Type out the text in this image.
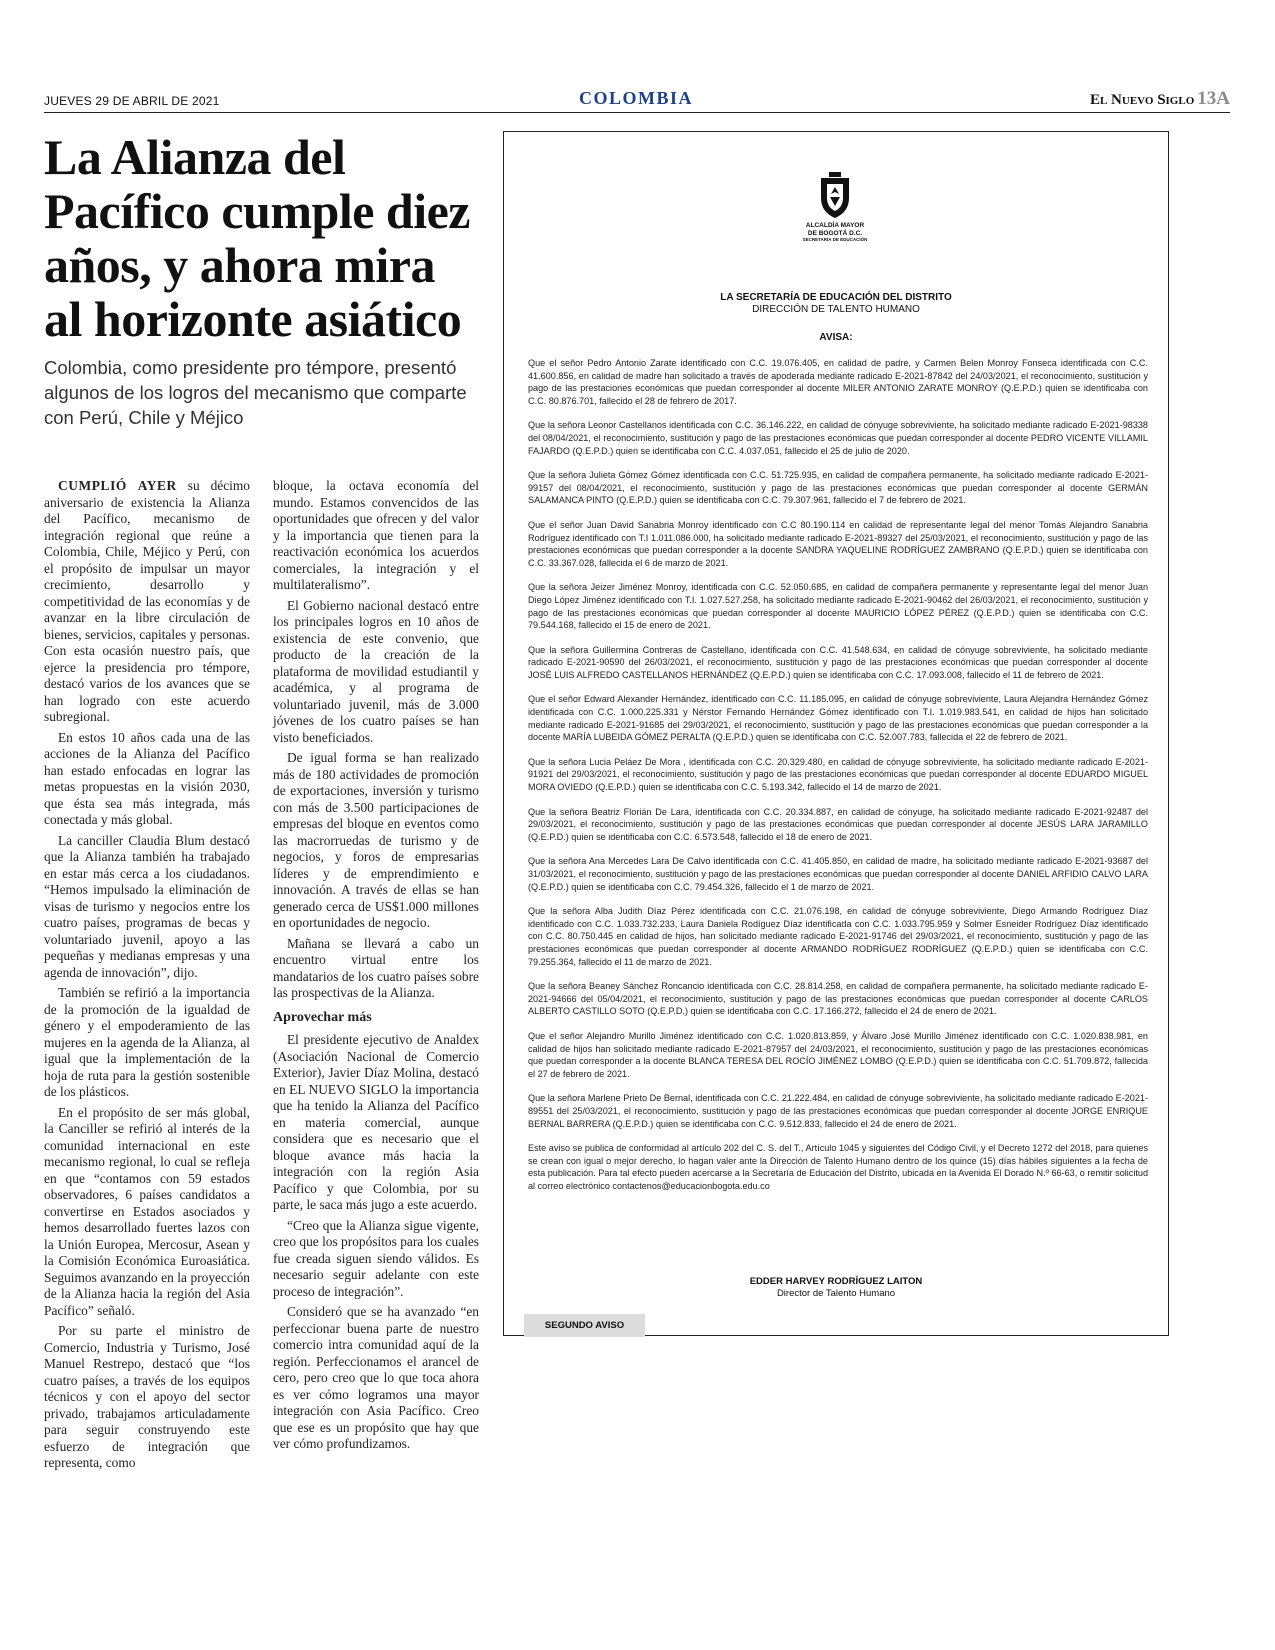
JUEVES 29 DE ABRIL DE 2021	COLOMBIA	El Nuevo Siglo 13A
La Alianza del Pacífico cumple diez años, y ahora mira al horizonte asiático

Colombia, como presidente pro témpore, presentó algunos de los logros del mecanismo que comparte con Perú, Chile y Méjico

CUMPLIÓ AYER su décimo aniversario de existencia la Alianza del Pacífico, mecanismo de integración regional que reúne a Colombia, Chile, Méjico y Perú, con el propósito de impulsar un mayor crecimiento, desarrollo y competitividad de las economías y de avanzar en la libre circulación de bienes, servicios, capitales y personas. Con esta ocasión nuestro país, que ejerce la presidencia pro témpore, destacó varios de los avances que se han logrado con este acuerdo subregional.

En estos 10 años cada una de las acciones de la Alianza del Pacífico han estado enfocadas en lograr las metas propuestas en la visión 2030, que ésta sea más integrada, más conectada y más global.

La canciller Claudia Blum destacó que la Alianza también ha trabajado en estar más cerca a los ciudadanos. “Hemos impulsado la eliminación de visas de turismo y negocios entre los cuatro países, programas de becas y voluntariado juvenil, apoyo a las pequeñas y medianas empresas y una agenda de innovación”, dijo.

También se refirió a la importancia de la promoción de la igualdad de género y el empoderamiento de las mujeres en la agenda de la Alianza, al igual que la implementación de la hoja de ruta para la gestión sostenible de los plásticos.

En el propósito de ser más global, la Canciller se refirió al interés de la comunidad internacional en este mecanismo regional, lo cual se refleja en que “contamos con 59 estados observadores, 6 países candidatos a convertirse en Estados asociados y hemos desarrollado fuertes lazos con la Unión Europea, Mercosur, Asean y la Comisión Económica Euroasiática. Seguimos avanzando en la proyección de la Alianza hacia la región del Asia Pacífico” señaló.

Por su parte el ministro de Comercio, Industria y Turismo, José Manuel Restrepo, destacó que “los cuatro países, a través de los equipos técnicos y con el apoyo del sector privado, trabajamos articuladamente para seguir construyendo este esfuerzo de integración que representa, como

bloque, la octava economía del mundo. Estamos convencidos de las oportunidades que ofrecen y del valor y la importancia que tienen para la reactivación económica los acuerdos comerciales, la integración y el multilateralismo”.

El Gobierno nacional destacó entre los principales logros en 10 años de existencia de este convenio, que producto de la creación de la plataforma de movilidad estudiantil y académica, y al programa de voluntariado juvenil, más de 3.000 jóvenes de los cuatro países se han visto beneficiados.

De igual forma se han realizado más de 180 actividades de promoción de exportaciones, inversión y turismo con más de 3.500 participaciones de empresas del bloque en eventos como las macrorruedas de turismo y de negocios, y foros de empresarias líderes y de emprendimiento e innovación. A través de ellas se han generado cerca de US$1.000 millones en oportunidades de negocio.

Mañana se llevará a cabo un encuentro virtual entre los mandatarios de los cuatro países sobre las prospectivas de la Alianza.

Aprovechar más

El presidente ejecutivo de Analdex (Asociación Nacional de Comercio Exterior), Javier Díaz Molina, destacó en EL NUEVO SIGLO la importancia que ha tenido la Alianza del Pacífico en materia comercial, aunque considera que es necesario que el bloque avance más hacia la integración con la región Asia Pacífico y que Colombia, por su parte, le saca más jugo a este acuerdo.

“Creo que la Alianza sigue vigente, creo que los propósitos para los cuales fue creada siguen siendo válidos. Es necesario seguir adelante con este proceso de integración”.

Consideró que se ha avanzado “en perfeccionar buena parte de nuestro comercio intra comunidad aquí de la región. Perfeccionamos el arancel de cero, pero creo que lo que toca ahora es ver cómo logramos una mayor integración con Asia Pacífico. Creo que ese es un propósito que hay que ver cómo profundizamos.

ALCALDÍA MAYOR
DE BOGOTÁ D.C.
SECRETARÍA DE EDUCACIÓN
LA SECRETARÍA DE EDUCACIÓN DEL DISTRITO
DIRECCIÓN DE TALENTO HUMANO
AVISA:

Que el señor Pedro Antonio Zarate identificado con C.C. 19.076.405, en calidad de padre, y Carmen Belen Monroy Fonseca identificada con C.C. 41.600.856, en calidad de madre han solicitado a través de apoderada mediante radicado E-2021-87842 del 24/03/2021, el reconocimiento, sustitución y pago de las prestaciones económicas que puedan corresponder al docente MILER ANTONIO ZARATE MONROY (Q.E.P.D.) quien se identificaba con C.C. 80.876.701, fallecido el 28 de febrero de 2017.

Que la señora Leonor Castellanos identificada con C.C. 36.146.222, en calidad de cónyuge sobreviviente, ha solicitado mediante radicado E-2021-98338 del 08/04/2021, el reconocimiento, sustitución y pago de las prestaciones económicas que puedan corresponder al docente PEDRO VICENTE VILLAMIL FAJARDO (Q.E.P.D.) quien se identificaba con C.C. 4.037.051, fallecido el 25 de julio de 2020.

Que la señora Julieta Gómez Gómez identificada con C.C. 51.725.935, en calidad de compañera permanente, ha solicitado mediante radicado E-2021-99157 del 08/04/2021, el reconocimiento, sustitución y pago de las prestaciones económicas que puedan corresponder al docente GERMÁN SALAMANCA PINTO (Q.E.P.D.) quien se identificaba con C.C. 79.307.961, fallecido el 7 de febrero de 2021.

Que el señor Juan David Sanabria Monroy identificado con C.C 80.190.114 en calidad de representante legal del menor Tomás Alejandro Sanabria Rodríguez identificado con T.I 1.011.086.000, ha solicitado mediante radicado E-2021-89327 del 25/03/2021, el reconocimiento, sustitución y pago de las prestaciones económicas que puedan corresponder a la docente SANDRA YAQUELINE RODRÍGUEZ ZAMBRANO (Q.E.P.D.) quien se identificaba con C.C. 33.367.028, fallecida el 6 de marzo de 2021.

Que la señora Jeizer Jiménez Monroy, identificada con C.C. 52.050.685, en calidad de compañera permanente y representante legal del menor Juan Diego López Jiménez identificado con T.I. 1.027.527.258, ha solicitado mediante radicado E-2021-90462 del 26/03/2021, el reconocimiento, sustitución y pago de las prestaciones económicas que puedan corresponder al docente MAURICIO LÓPEZ PÉREZ (Q.E.P.D.) quien se identificaba con C.C. 79.544.168, fallecido el 15 de enero de 2021.

Que la señora Guillermina Contreras de Castellano, identificada con C.C. 41.548.634, en calidad de cónyuge sobreviviente, ha solicitado mediante radicado E-2021-90590 del 26/03/2021, el reconocimiento, sustitución y pago de las prestaciones económicas que puedan corresponder al docente JOSÉ LUIS ALFREDO CASTELLANOS HERNÁNDEZ (Q.E.P.D.) quien se identificaba con C.C. 17.093.008, fallecido el 11 de febrero de 2021.

Que el señor Edward Alexander Hernández, identificado con C.C. 11.185.095, en calidad de cónyuge sobreviviente, Laura Alejandra Hernández Gómez identificada con C.C. 1.000.225.331 y Nérstor Fernando Hernández Gómez identificado con T.I. 1.019.983.541, en calidad de hijos han solicitado mediante radicado E-2021-91685 del 29/03/2021, el reconocimiento, sustitución y pago de las prestaciones económicas que puedan corresponder a la docente MARÍA LUBEIDA GÓMEZ PERALTA (Q.E.P.D.) quien se identificaba con C.C. 52.007.783, fallecida el 22 de febrero de 2021.

Que la señora Lucia Peláez De Mora , identificada con C.C. 20.329.480, en calidad de cónyuge sobreviviente, ha solicitado mediante radicado E-2021-91921 del 29/03/2021, el reconocimiento, sustitución y pago de las prestaciones económicas que puedan corresponder al docente EDUARDO MIGUEL MORA OVIEDO (Q.E.P.D.) quien se identificaba con C.C. 5.193.342, fallecido el 14 de marzo de 2021.

Que la señora Beatriz Florián De Lara, identificada con C.C. 20.334.887, en calidad de cónyuge, ha solicitado mediante radicado E-2021-92487 del 29/03/2021, el reconocimiento, sustitución y pago de las prestaciones económicas que puedan corresponder al docente JESÚS LARA JARAMILLO (Q.E.P.D.) quien se identificaba con C.C. 6.573.548, fallecido el 18 de enero de 2021.

Que la señora Ana Mercedes Lara De Calvo identificada con C.C. 41.405.850, en calidad de madre, ha solicitado mediante radicado E-2021-93687 del 31/03/2021, el reconocimiento, sustitución y pago de las prestaciones económicas que puedan corresponder al docente DANIEL ARFIDIO CALVO LARA (Q.E.P.D.) quien se identificaba con C.C. 79.454.326, fallecido el 1 de marzo de 2021.

Que la señora Alba Judith Díaz Pérez identificada con C.C. 21.076.198, en calidad de cónyuge sobreviviente, Diego Armando Rodríguez Díaz identificado con C.C. 1.033.732.233, Laura Daniela Rodíguez Díaz identificada con C.C. 1.033.795.959 y Solmer Esneider Rodríguez Díaz identificado con C.C. 80.750.445 en calidad de hijos, han solicitado mediante radicado E-2021-91746 del 29/03/2021, el reconocimiento, sustitución y pago de las prestaciones económicas que puedan corresponder al docente ARMANDO RODRÍGUEZ RODRÍGUEZ (Q.E.P.D.) quien se identificaba con C.C. 79.255.364, fallecido el 11 de marzo de 2021.

Que la señora Beaney Sánchez Roncancio identificada con C.C. 28.814.258, en calidad de compañera permanente, ha solicitado mediante radicado E-2021-94666 del 05/04/2021, el reconocimiento, sustitución y pago de las prestaciones económicas que puedan corresponder al docente CARLOS ALBERTO CASTILLO SOTO (Q.E.P.D.) quien se identificaba con C.C. 17.166.272, fallecido el 24 de enero de 2021.

Que el señor Alejandro Murillo Jiménez identificado con C.C. 1.020.813.859, y Álvaro José Murillo Jiménez identificado con C.C. 1.020.838.981, en calidad de hijos han solicitado mediante radicado E-2021-87957 del 24/03/2021, el reconocimiento, sustitución y pago de las prestaciones económicas que puedan corresponder a la docente BLANCA TERESA DEL ROCÍO JIMÉNEZ LOMBO (Q.E.P.D.) quien se identificaba con C.C. 51.709.872, fallecida el 27 de febrero de 2021.

Que la señora Marlene Prieto De Bernal, identificada con C.C. 21.222.484, en calidad de cónyuge sobreviviente, ha solicitado mediante radicado E-2021-89551 del 25/03/2021, el reconocimiento, sustitución y pago de las prestaciones económicas que puedan corresponder al docente JORGE ENRIQUE BERNAL BARRERA (Q.E.P.D.) quien se identificaba con C.C. 9.512.833, fallecido el 24 de enero de 2021.

Este aviso se publica de conformidad al artículo 202 del C. S. del T., Artículo 1045 y siguientes del Código Civil, y el Decreto 1272 del 2018, para quienes se crean con igual o mejor derecho, lo hagan valer ante la Dirección de Talento Humano dentro de los quince (15) días hábiles siguientes a la fecha de esta publicación. Para tal efecto pueden acercarse a la Secretaría de Educación del Distrito, ubicada en la Avenida El Dorado N.º 66-63, o remitir solicitud al correo electrónico contactenos@educacionbogota.edu.co

EDDER HARVEY RODRÍGUEZ LAITON
Director de Talento Humano
SEGUNDO AVISO
